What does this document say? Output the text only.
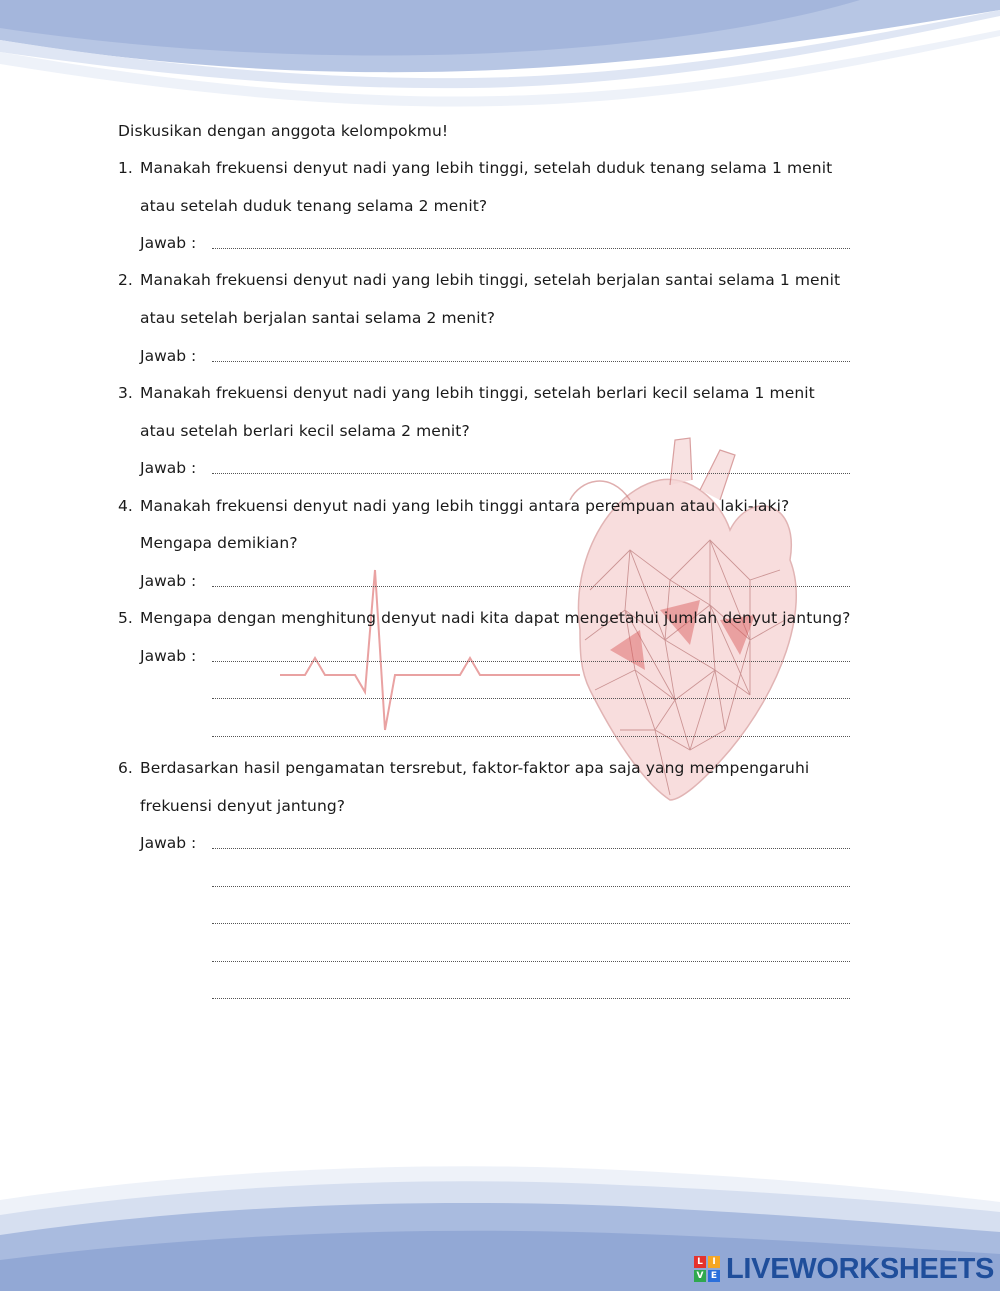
Diskusikan dengan anggota kelompokmu!
1. Manakah frekuensi denyut nadi yang lebih tinggi, setelah duduk tenang selama 1 menit
atau setelah duduk tenang selama 2 menit?
Jawab :
2. Manakah frekuensi denyut nadi yang lebih tinggi, setelah berjalan santai selama 1 menit
atau setelah berjalan santai selama 2 menit?
Jawab :
3. Manakah frekuensi denyut nadi yang lebih tinggi, setelah berlari kecil selama 1 menit
atau setelah berlari kecil selama 2 menit?
Jawab :
4. Manakah frekuensi denyut nadi yang lebih tinggi antara perempuan atau laki-laki?
Mengapa demikian?
Jawab :
5. Mengapa dengan menghitung denyut nadi kita dapat mengetahui jumlah denyut jantung?
Jawab :
6. Berdasarkan hasil pengamatan tersrebut, faktor-faktor apa saja yang mempengaruhi
frekuensi denyut jantung?
Jawab :
L	I
V E LIVEWORKSHEETS
